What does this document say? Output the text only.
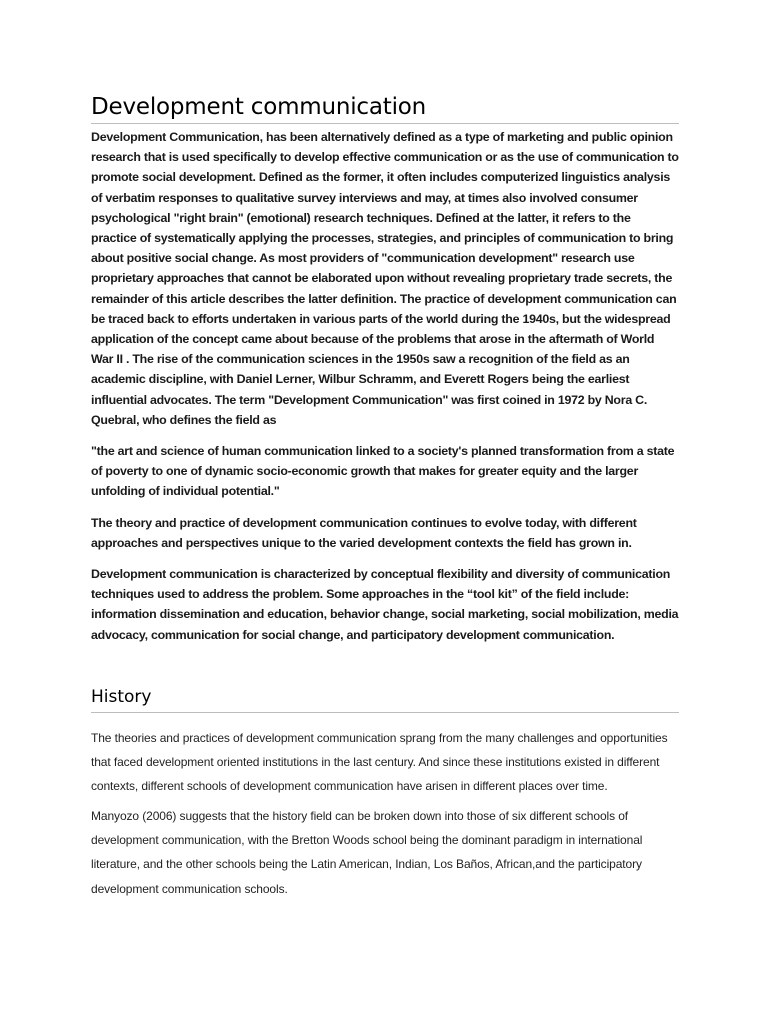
Development communication

Development Communication, has been alternatively defined as a type of marketing and public opinion research that is used specifically to develop effective communication or as the use of communication to promote social development. Defined as the former, it often includes computerized linguistics analysis of verbatim responses to qualitative survey interviews and may, at times also involved consumer psychological "right brain" (emotional) research techniques. Defined at the latter, it refers to the practice of systematically applying the processes, strategies, and principles of communication to bring about positive social change. As most providers of "communication development" research use proprietary approaches that cannot be elaborated upon without revealing proprietary trade secrets, the remainder of this article describes the latter definition. The practice of development communication can be traced back to efforts undertaken in various parts of the world during the 1940s, but the widespread application of the concept came about because of the problems that arose in the aftermath of World War II . The rise of the communication sciences in the 1950s saw a recognition of the field as an academic discipline, with Daniel Lerner, Wilbur Schramm, and Everett Rogers being the earliest influential advocates. The term "Development Communication" was first coined in 1972 by Nora C. Quebral, who defines the field as

"the art and science of human communication linked to a society's planned transformation from a state of poverty to one of dynamic socio-economic growth that makes for greater equity and the larger unfolding of individual potential."

The theory and practice of development communication continues to evolve today, with different approaches and perspectives unique to the varied development contexts the field has grown in.

Development communication is characterized by conceptual flexibility and diversity of communication techniques used to address the problem. Some approaches in the “tool kit” of the field include: information dissemination and education, behavior change, social marketing, social mobilization, media advocacy, communication for social change, and participatory development communication.

History

The theories and practices of development communication sprang from the many challenges and opportunities that faced development oriented institutions in the last century. And since these institutions existed in different contexts, different schools of development communication have arisen in different places over time.

Manyozo (2006) suggests that the history field can be broken down into those of six different schools of development communication, with the Bretton Woods school being the dominant paradigm in international literature, and the other schools being the Latin American, Indian, Los Baños, African,and the participatory development communication schools.
